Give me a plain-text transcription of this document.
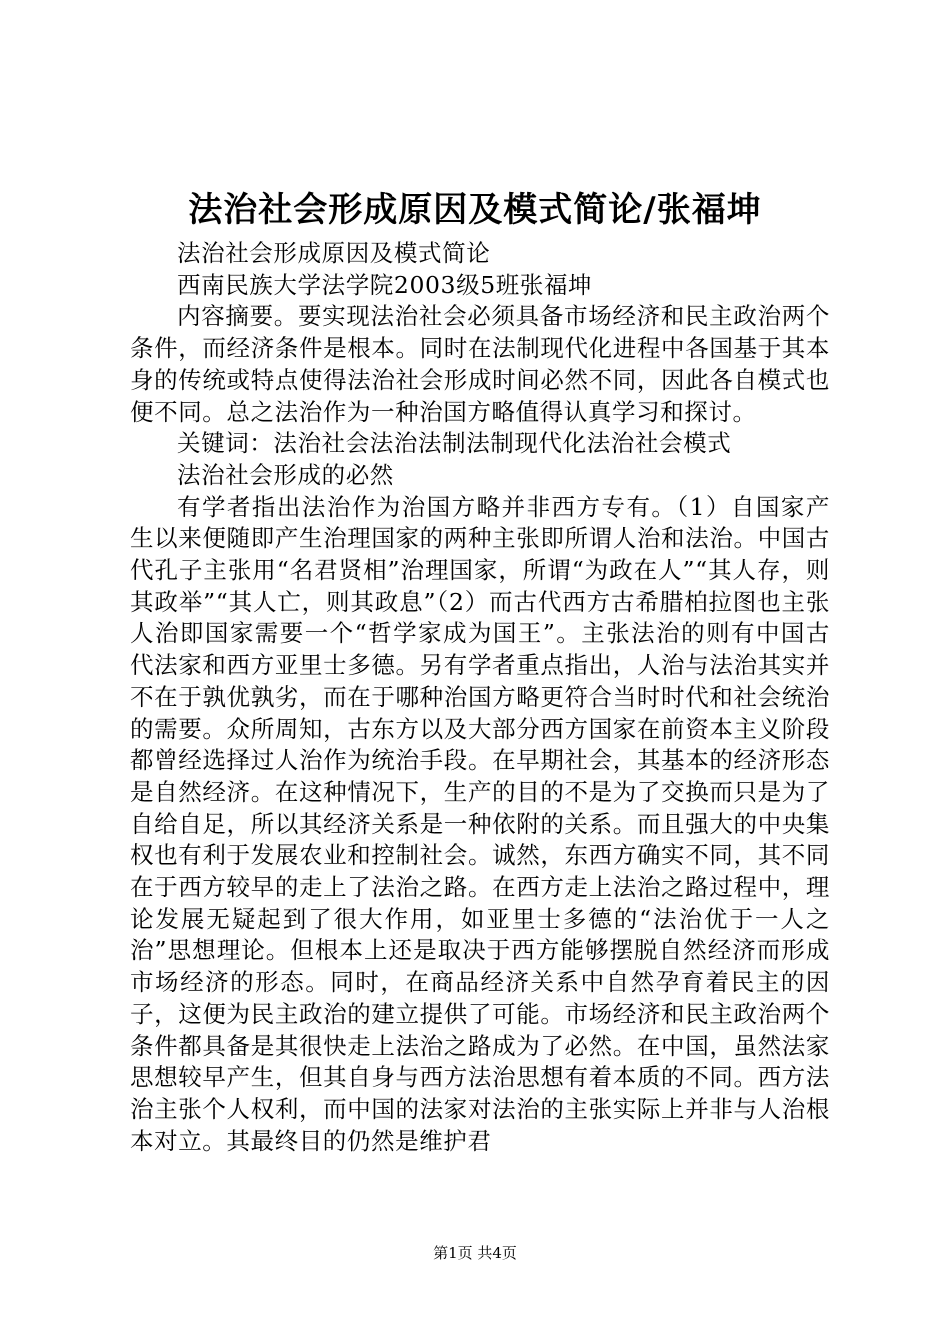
法治社会形成原因及模式简论/张福坤

法治社会形成原因及模式简论

西南民族大学法学院2003级5班张福坤

内容摘要。要实现法治社会必须具备市场经济和民主政治两个条件，而经济条件是根本。同时在法制现代化进程中各国基于其本身的传统或特点使得法治社会形成时间必然不同，因此各自模式也便不同。总之法治作为一种治国方略值得认真学习和探讨。

关键词：法治社会法治法制法制现代化法治社会模式

法治社会形成的必然

有学者指出法治作为治国方略并非西方专有。（1）自国家产生以来便随即产生治理国家的两种主张即所谓人治和法治。中国古代孔子主张用“名君贤相”治理国家，所谓“为政在人”“其人存，则其政举”“其人亡，则其政息”（2）而古代西方古希腊柏拉图也主张人治即国家需要一个“哲学家成为国王”。主张法治的则有中国古代法家和西方亚里士多德。另有学者重点指出，人治与法治其实并不在于孰优孰劣，而在于哪种治国方略更符合当时时代和社会统治的需要。众所周知，古东方以及大部分西方国家在前资本主义阶段都曾经选择过人治作为统治手段。在早期社会，其基本的经济形态是自然经济。在这种情况下，生产的目的不是为了交换而只是为了自给自足，所以其经济关系是一种依附的关系。而且强大的中央集权也有利于发展农业和控制社会。诚然，东西方确实不同，其不同在于西方较早的走上了法治之路。在西方走上法治之路过程中，理论发展无疑起到了很大作用，如亚里士多德的“法治优于一人之治”思想理论。但根本上还是取决于西方能够摆脱自然经济而形成市场经济的形态。同时，在商品经济关系中自然孕育着民主的因子，这便为民主政治的建立提供了可能。市场经济和民主政治两个条件都具备是其很快走上法治之路成为了必然。在中国，虽然法家思想较早产生，但其自身与西方法治思想有着本质的不同。西方法治主张个人权利，而中国的法家对法治的主张实际上并非与人治根本对立。其最终目的仍然是维护君

第1页 共4页
